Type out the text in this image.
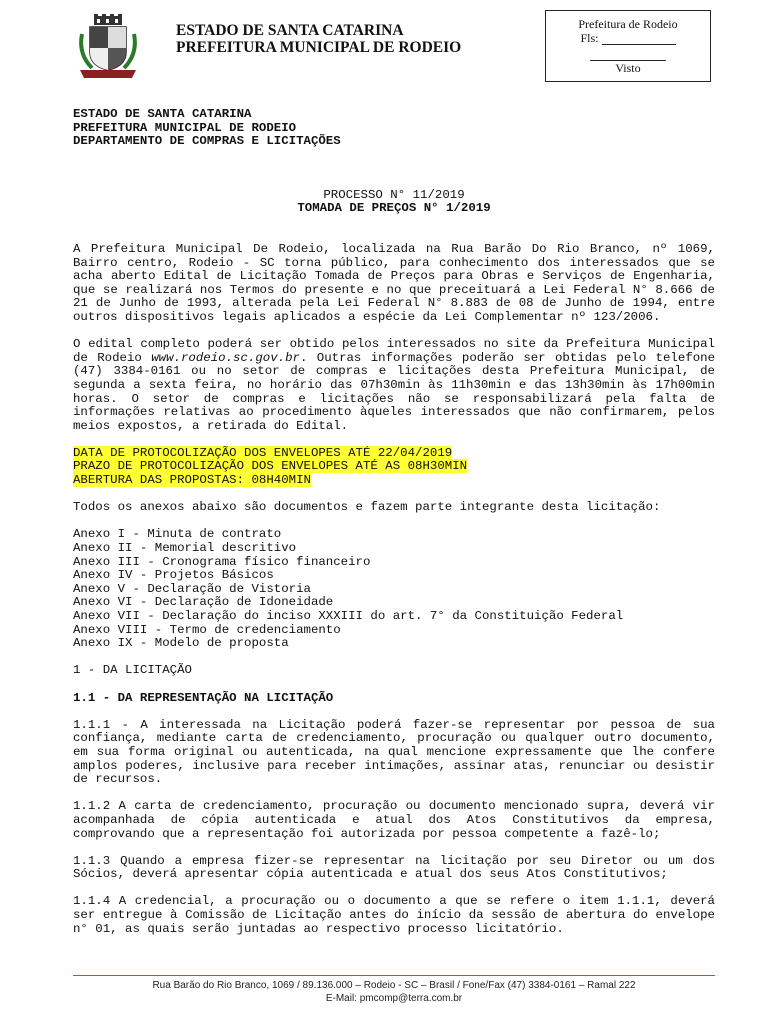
ESTADO DE SANTA CATARINA
PREFEITURA MUNICIPAL DE RODEIO
Prefeitura de Rodeio
Fls:
Visto
ESTADO DE SANTA CATARINA
PREFEITURA MUNICIPAL DE RODEIO
DEPARTAMENTO DE COMPRAS E LICITAÇÕES
PROCESSO N° 11/2019
TOMADA DE PREÇOS N° 1/2019

A Prefeitura Municipal De Rodeio, localizada na Rua Barão Do Rio Branco, nº 1069, Bairro centro, Rodeio - SC torna público, para conhecimento dos interessados que se acha aberto Edital de Licitação Tomada de Preços para Obras e Serviços de Engenharia, que se realizará nos Termos do presente e no que preceituará a Lei Federal N° 8.666 de 21 de Junho de 1993, alterada pela Lei Federal N° 8.883 de 08 de Junho de 1994, entre outros dispositivos legais aplicados a espécie da Lei Complementar nº 123/2006.

O edital completo poderá ser obtido pelos interessados no site da Prefeitura Municipal de Rodeio www.rodeio.sc.gov.br. Outras informações poderão ser obtidas pelo telefone (47) 3384-0161 ou no setor de compras e licitações desta Prefeitura Municipal, de segunda a sexta feira, no horário das 07h30min às 11h30min e das 13h30min às 17h00min horas. O setor de compras e licitações não se responsabilizará pela falta de informações relativas ao procedimento àqueles interessados que não confirmarem, pelos meios expostos, a retirada do Edital.

DATA DE PROTOCOLIZAÇÃO DOS ENVELOPES ATÉ 22/04/2019
PRAZO DE PROTOCOLIZAÇÃO DOS ENVELOPES ATÉ AS 08H30MIN
ABERTURA DAS PROPOSTAS: 08H40MIN
Todos os anexos abaixo são documentos e fazem parte integrante desta licitação:
Anexo I - Minuta de contrato
Anexo II - Memorial descritivo
Anexo III - Cronograma físico financeiro
Anexo IV - Projetos Básicos
Anexo V - Declaração de Vistoria
Anexo VI - Declaração de Idoneidade
Anexo VII - Declaração do inciso XXXIII do art. 7° da Constituição Federal
Anexo VIII - Termo de credenciamento
Anexo IX - Modelo de proposta
1 - DA LICITAÇÃO
1.1 - DA REPRESENTAÇÃO NA LICITAÇÃO

1.1.1 - A interessada na Licitação poderá fazer-se representar por pessoa de sua confiança, mediante carta de credenciamento, procuração ou qualquer outro documento, em sua forma original ou autenticada, na qual mencione expressamente que lhe confere amplos poderes, inclusive para receber intimações, assinar atas, renunciar ou desistir de recursos.

1.1.2 A carta de credenciamento, procuração ou documento mencionado supra, deverá vir acompanhada de cópia autenticada e atual dos Atos Constitutivos da empresa, comprovando que a representação foi autorizada por pessoa competente a fazê-lo;

1.1.3 Quando a empresa fizer-se representar na licitação por seu Diretor ou um dos Sócios, deverá apresentar cópia autenticada e atual dos seus Atos Constitutivos;

1.1.4 A credencial, a procuração ou o documento a que se refere o item 1.1.1, deverá ser entregue à Comissão de Licitação antes do início da sessão de abertura do envelope n° 01, as quais serão juntadas ao respectivo processo licitatório.

Rua Barão do Rio Branco, 1069 / 89.136.000 – Rodeio - SC – Brasil / Fone/Fax (47) 3384-0161 – Ramal 222
E-Mail: pmcomp@terra.com.br
